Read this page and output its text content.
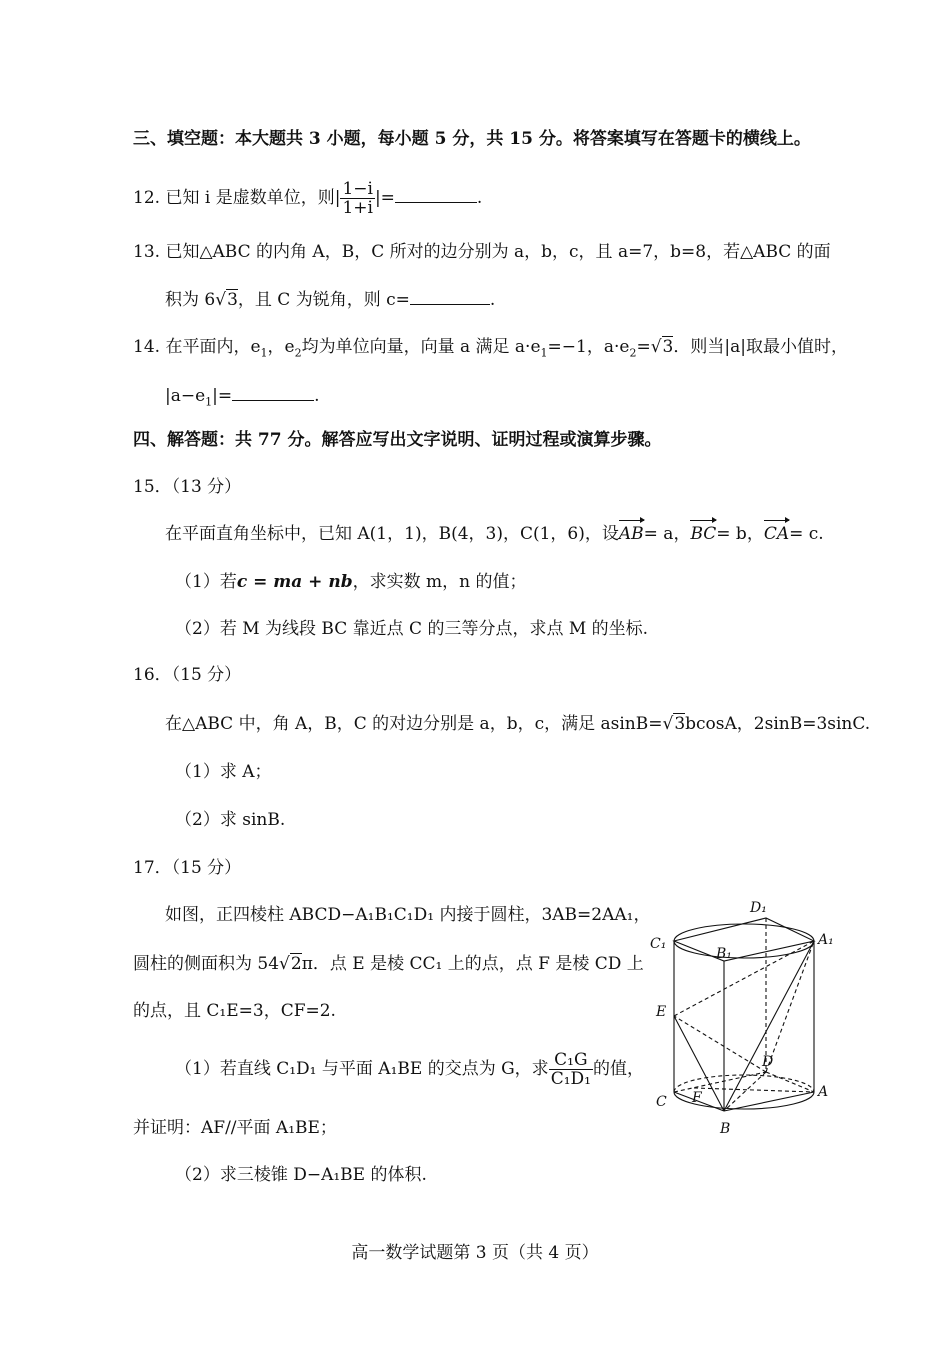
三、填空题：本大题共 3 小题，每小题 5 分，共 15 分。将答案填写在答题卡的横线上。
12. 已知 i 是虚数单位，则| $\frac{1-i}{1+i}$ |=	.
13. 已知△ABC 的内角 A，B，C 所对的边分别为 a，b，c，且 a=7，b=8，若△ABC 的面
积为 6√3，且 C 为锐角，则 c=	.
14. 在平面内，$e_1$，$e_2$均为单位向量，向量 a 满足 $a\cdot e_1=-1$，$a\cdot e_2=√3$．则当|a|取最小值时，
$|a-e_1|=$	.
四、解答题：共 77 分。解答应写出文字说明、证明过程或演算步骤。
15．（13 分）
在平面直角坐标中，已知 A(1，1)，B(4，3)，C(1，6)，设AB= a，BC= b，CA= c.
（1）若c = ma + nb，求实数 m，n 的值；
（2）若 M 为线段 BC 靠近点 C 的三等分点，求点 M 的坐标.
16．（15 分）
在△ABC 中，角 A，B，C 的对边分别是 a，b，c，满足 asinB=√3bcosA，2sinB=3sinC.
（1）求 A；
（2）求 sinB.
17．（15 分）
如图，正四棱柱 ABCD−A₁B₁C₁D₁ 内接于圆柱，3AB=2AA₁，
圆柱的侧面积为 54√2π．点 E 是棱 CC₁ 上的点，点 F 是棱 CD 上
的点，且 C₁E=3，CF=2.
（1）若直线 C₁D₁ 与平面 A₁BE 的交点为 G，求 $\frac{\text{C₁G}}{\text{C₁D₁}}$ 的值，
并证明：AF//平面 A₁BE；
（2）求三棱锥 D−A₁BE 的体积.
D₁
C₁
B₁
A₁
E
D
C F	A
B
高一数学试题第 3 页（共 4 页）
